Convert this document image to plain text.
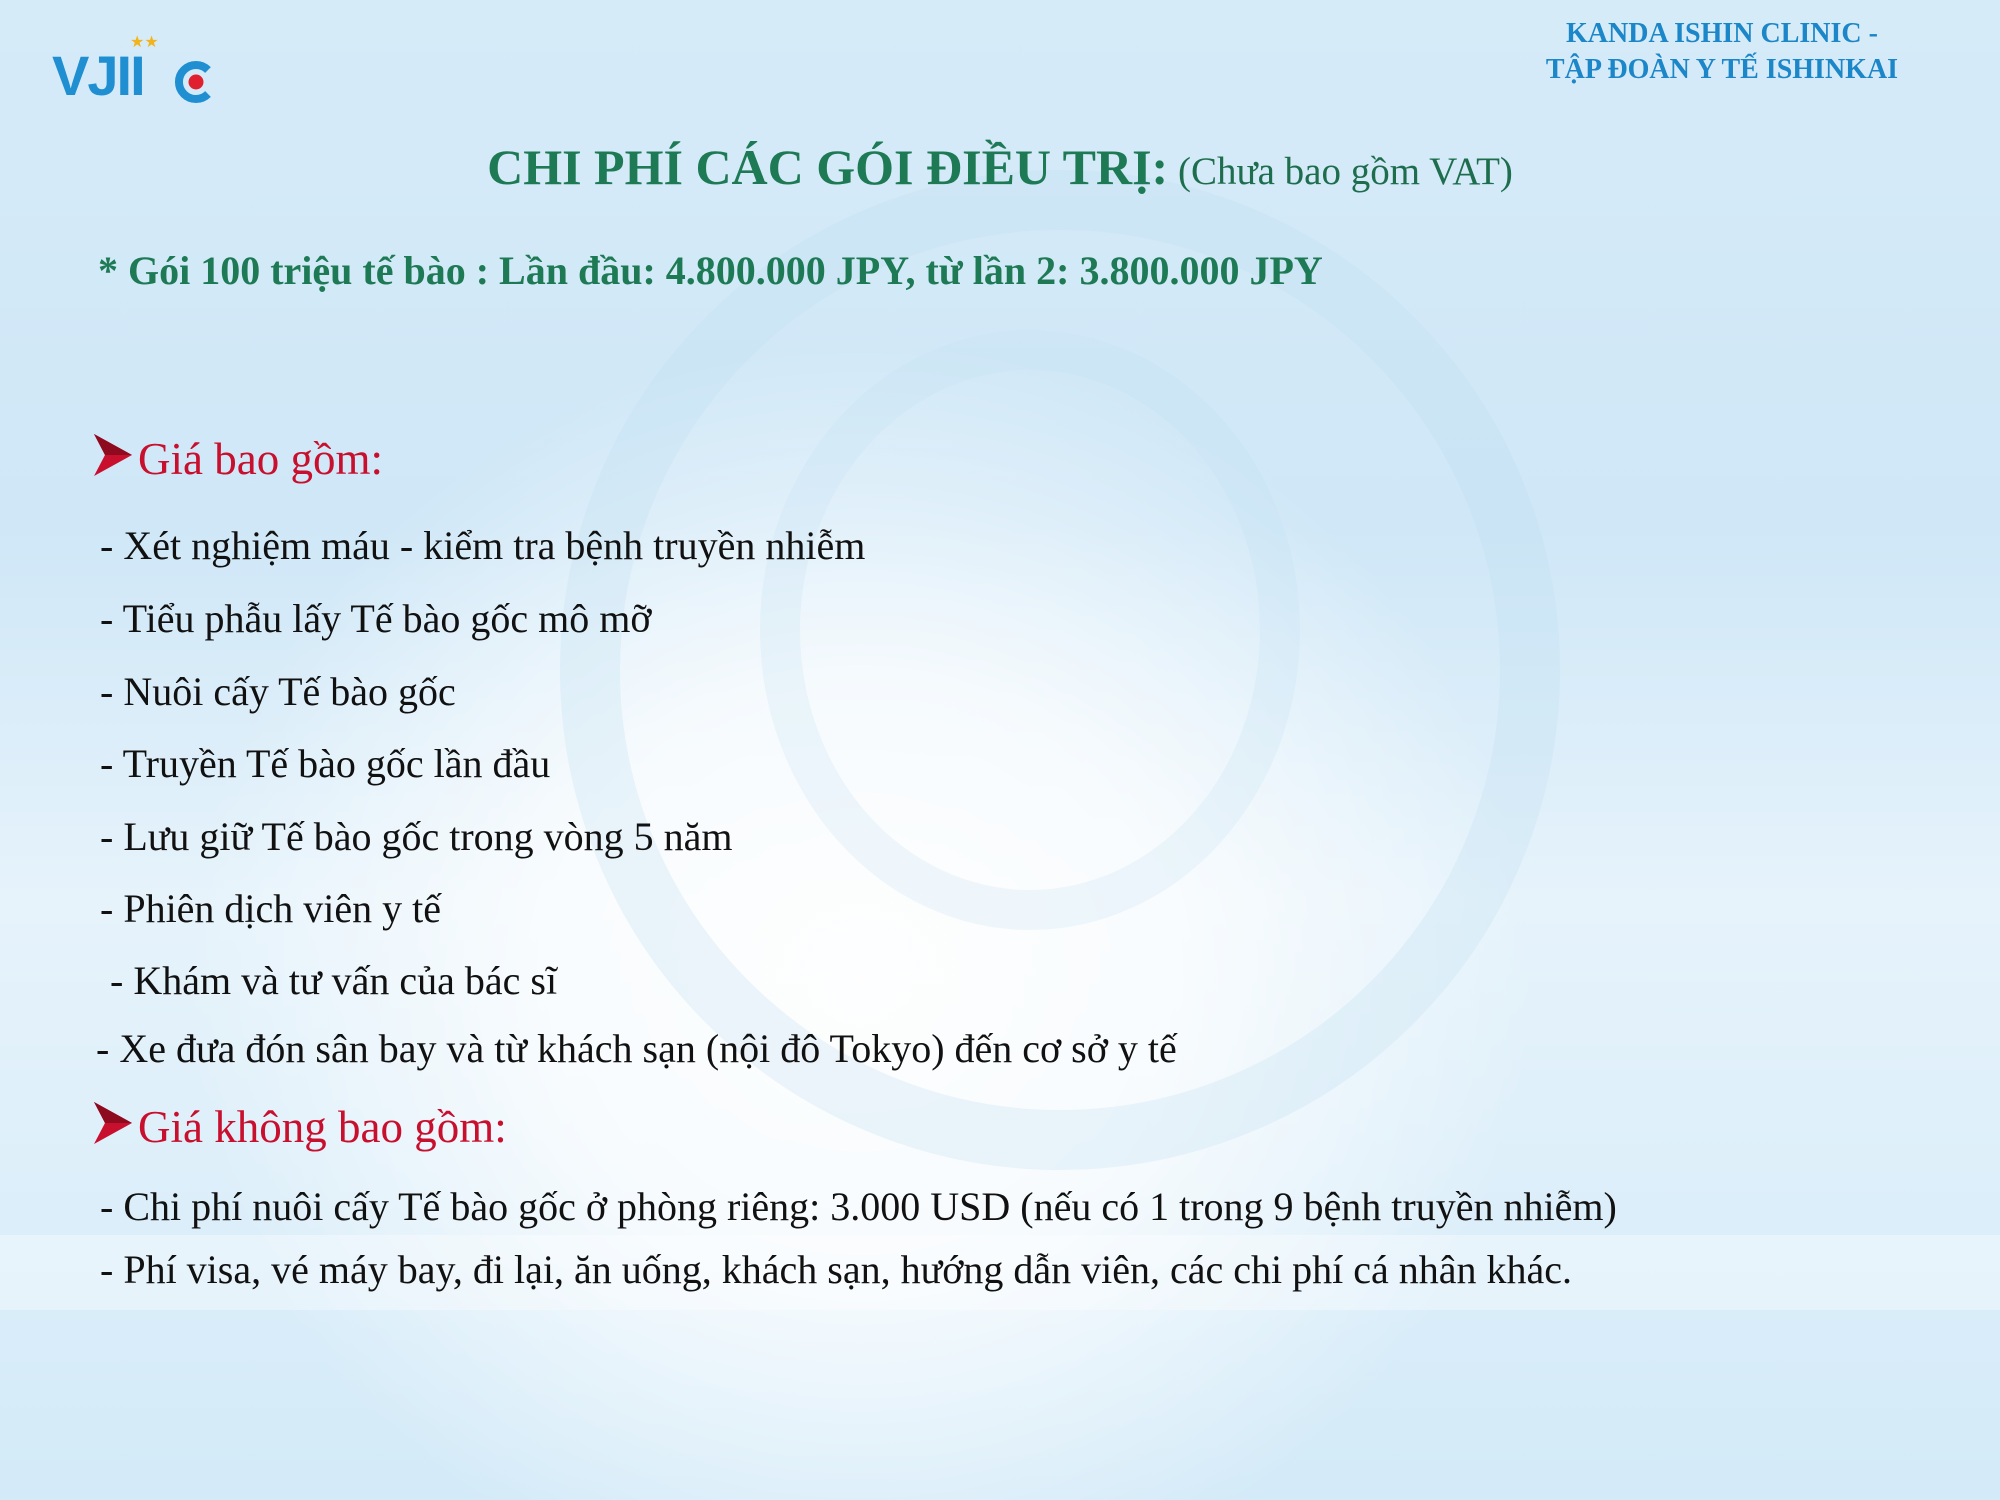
★★
VJII
KANDA ISHIN CLINIC -
TẬP ĐOÀN Y TẾ ISHINKAI
CHI PHÍ CÁC GÓI ĐIỀU TRỊ: (Chưa bao gồm VAT)
* Gói 100 triệu tế bào : Lần đầu: 4.800.000 JPY, từ lần 2: 3.800.000 JPY
Giá bao gồm:
- Xét nghiệm máu - kiểm tra bệnh truyền nhiễm
- Tiểu phẫu lấy Tế bào gốc mô mỡ
- Nuôi cấy Tế bào gốc
- Truyền Tế bào gốc lần đầu
- Lưu giữ Tế bào gốc trong vòng 5 năm
- Phiên dịch viên y tế
- Khám và tư vấn của bác sĩ
- Xe đưa đón sân bay và từ khách sạn (nội đô Tokyo) đến cơ sở y tế
Giá không bao gồm:
- Chi phí nuôi cấy Tế bào gốc ở phòng riêng: 3.000 USD (nếu có 1 trong 9 bệnh truyền nhiễm)
- Phí visa, vé máy bay, đi lại, ăn uống, khách sạn, hướng dẫn viên, các chi phí cá nhân khác.
